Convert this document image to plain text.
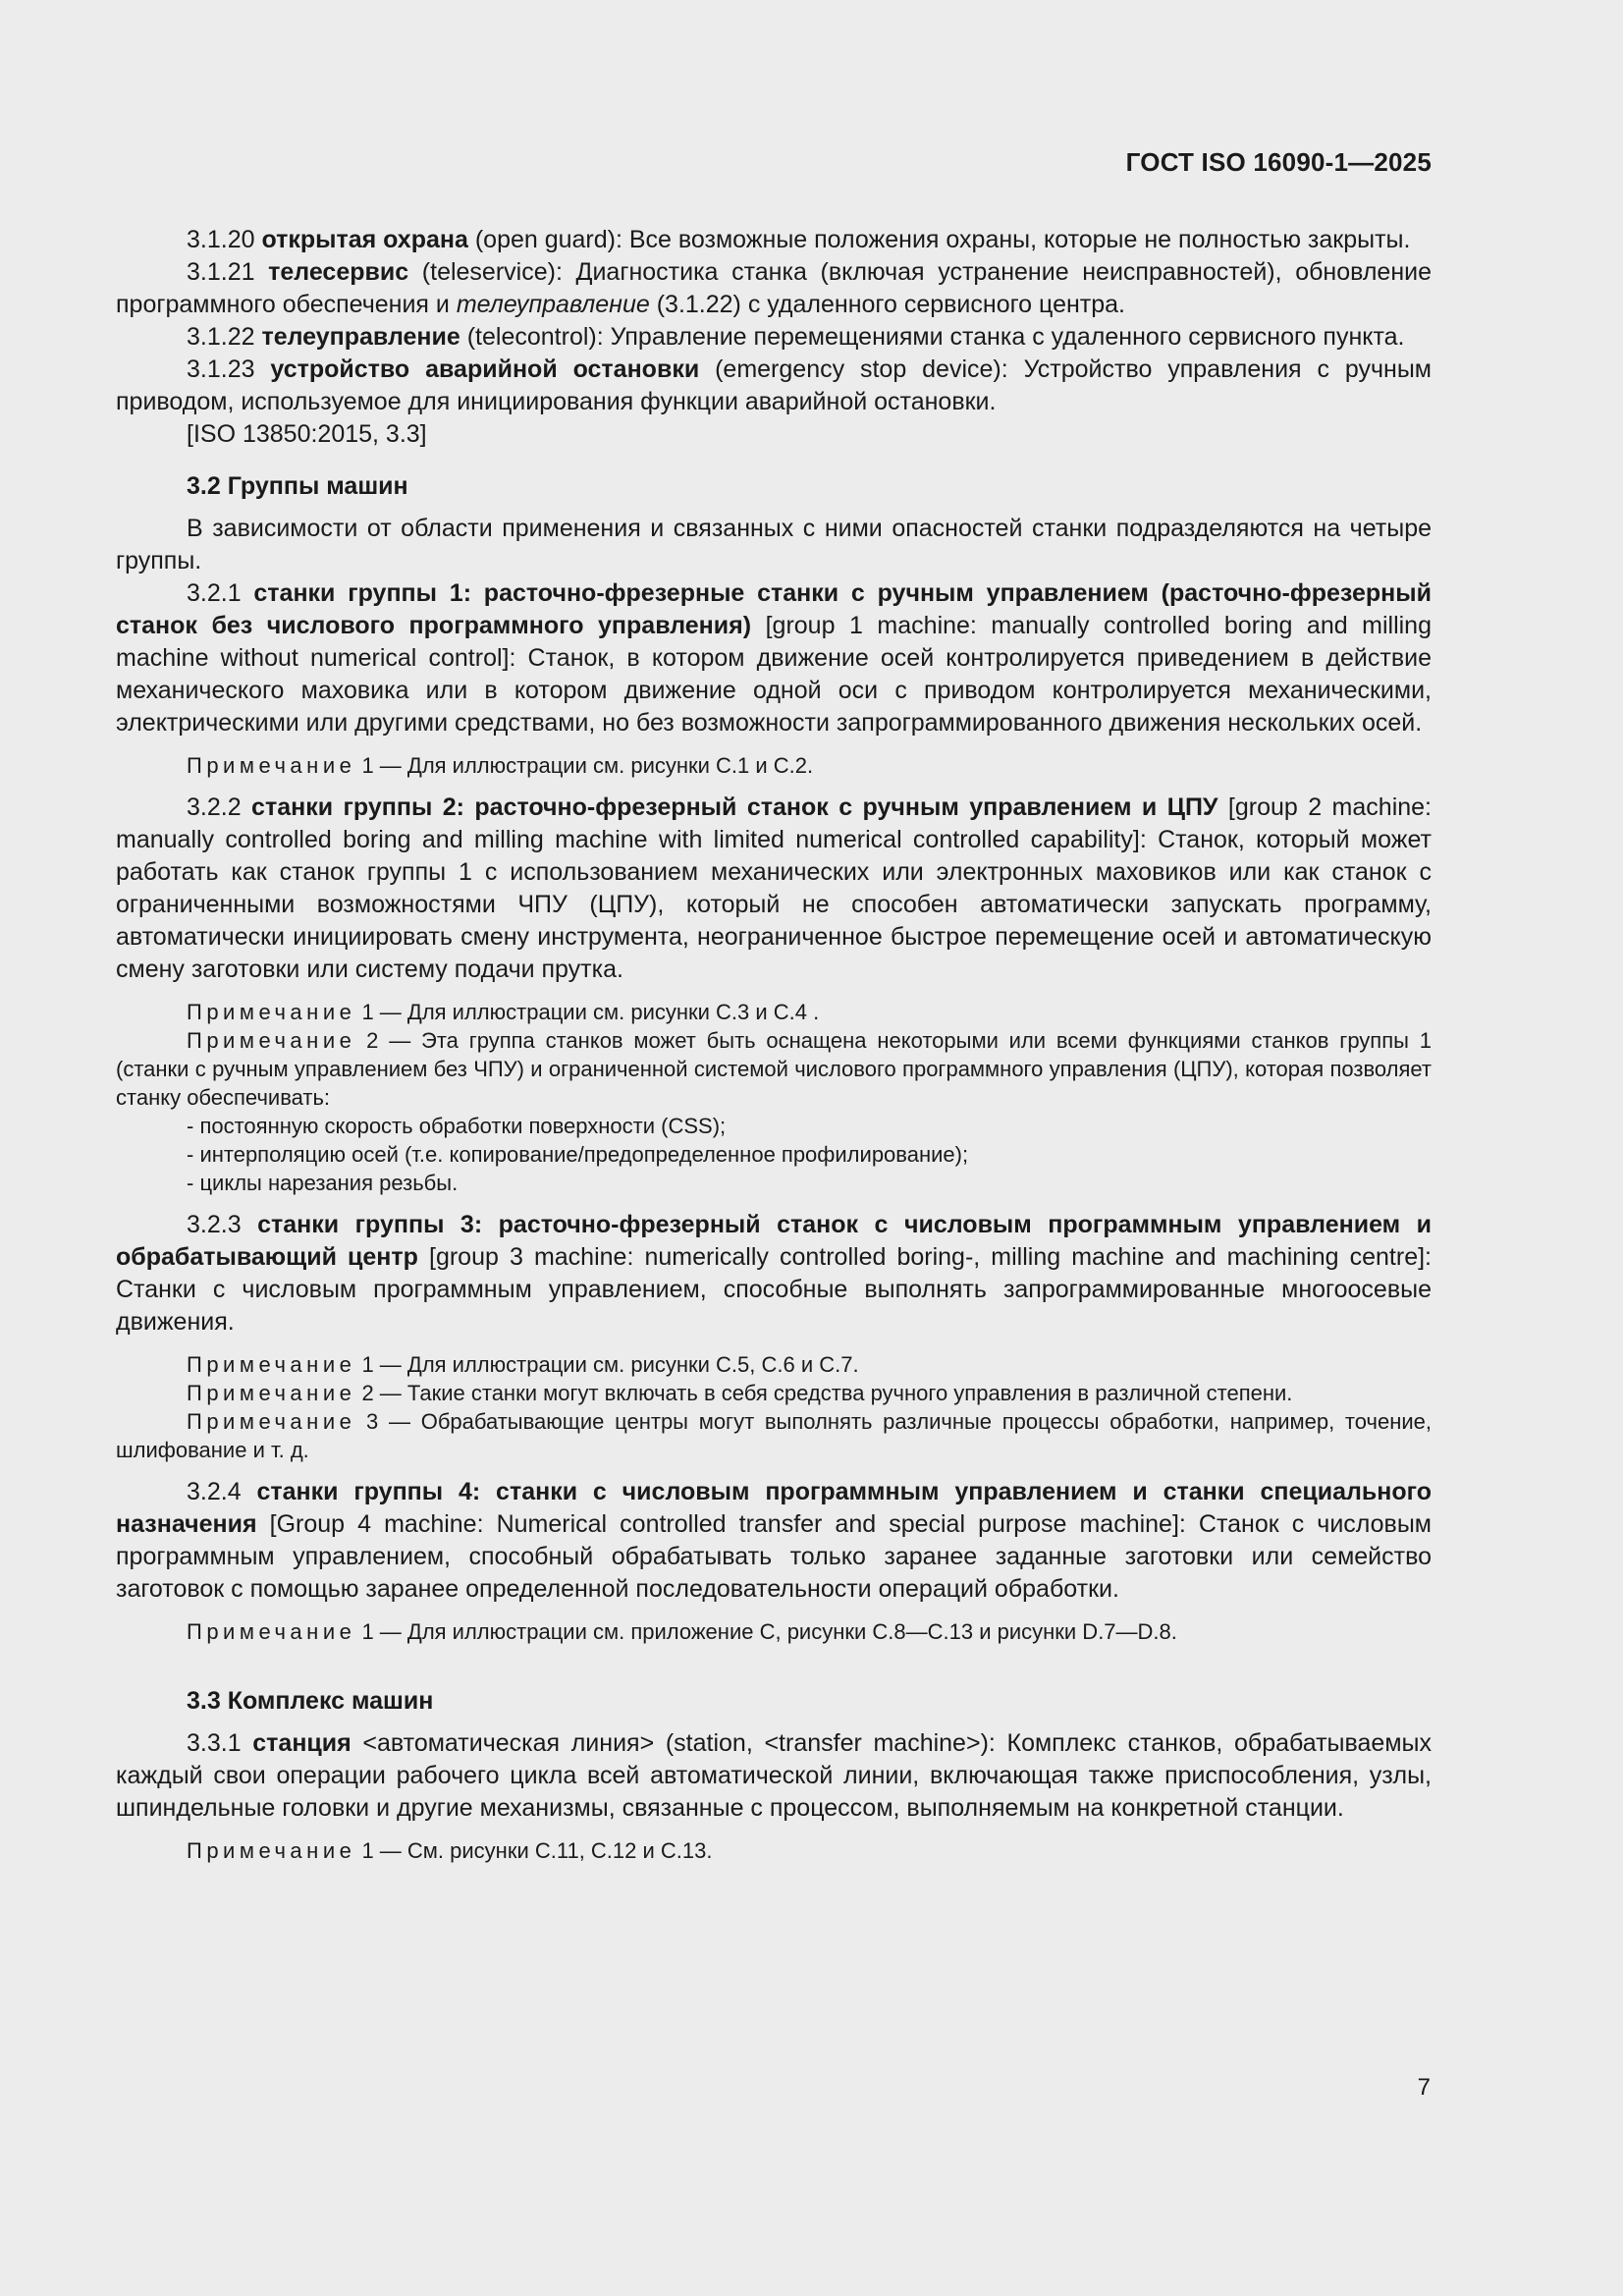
ГОСТ ISO 16090-1—2025

3.1.20 открытая охрана (open guard): Все возможные положения охраны, которые не полностью закрыты.

3.1.21 телесервис (teleservice): Диагностика станка (включая устранение неисправностей), обновление программного обеспечения и телеуправление (3.1.22) с удаленного сервисного центра.

3.1.22 телеуправление (telecontrol): Управление перемещениями станка с удаленного сервисного пункта.

3.1.23 устройство аварийной остановки (emergency stop device): Устройство управления с ручным приводом, используемое для инициирования функции аварийной остановки.

[ISO 13850:2015, 3.3]

3.2 Группы машин

В зависимости от области применения и связанных с ними опасностей станки подразделяются на четыре группы.

3.2.1 станки группы 1: расточно-фрезерные станки с ручным управлением (расточно-фрезерный станок без числового программного управления) [group 1 machine: manually controlled boring and milling machine without numerical control]: Станок, в котором движение осей контролируется приведением в действие механического маховика или в котором движение одной оси с приводом контролируется механическими, электрическими или другими средствами, но без возможности запрограммированного движения нескольких осей.

Примечание 1 — Для иллюстрации см. рисунки С.1 и С.2.

3.2.2 станки группы 2: расточно-фрезерный станок с ручным управлением и ЦПУ [group 2 machine: manually controlled boring and milling machine with limited numerical controlled capability]: Станок, который может работать как станок группы 1 с использованием механических или электронных маховиков или как станок с ограниченными возможностями ЧПУ (ЦПУ), который не способен автоматически запускать программу, автоматически инициировать смену инструмента, неограниченное быстрое перемещение осей и автоматическую смену заготовки или систему подачи прутка.

Примечание 1 — Для иллюстрации см. рисунки С.3 и С.4 .

Примечание 2 — Эта группа станков может быть оснащена некоторыми или всеми функциями станков группы 1 (станки с ручным управлением без ЧПУ) и ограниченной системой числового программного управления (ЦПУ), которая позволяет станку обеспечивать:

- постоянную скорость обработки поверхности (CSS);

- интерполяцию осей (т.е. копирование/предопределенное профилирование);

- циклы нарезания резьбы.

3.2.3 станки группы 3: расточно-фрезерный станок с числовым программным управлением и обрабатывающий центр [group 3 machine: numerically controlled boring-, milling machine and machining centre]: Станки с числовым программным управлением, способные выполнять запрограммированные многоосевые движения.

Примечание 1 — Для иллюстрации см. рисунки С.5, С.6 и С.7.

Примечание 2 — Такие станки могут включать в себя средства ручного управления в различной степени.

Примечание 3 — Обрабатывающие центры могут выполнять различные процессы обработки, например, точение, шлифование и т. д.

3.2.4 станки группы 4: станки с числовым программным управлением и станки специального назначения [Group 4 machine: Numerical controlled transfer and special purpose machine]: Станок с числовым программным управлением, способный обрабатывать только заранее заданные заготовки или семейство заготовок с помощью заранее определенной последовательности операций обработки.

Примечание 1 — Для иллюстрации см. приложение С, рисунки С.8—С.13 и рисунки D.7—D.8.

3.3 Комплекс машин

3.3.1 станция <автоматическая линия> (station, <transfer machine>): Комплекс станков, обрабатываемых каждый свои операции рабочего цикла всей автоматической линии, включающая также приспособления, узлы, шпиндельные головки и другие механизмы, связанные с процессом, выполняемым на конкретной станции.

Примечание 1 — См. рисунки С.11, С.12 и С.13.

7
